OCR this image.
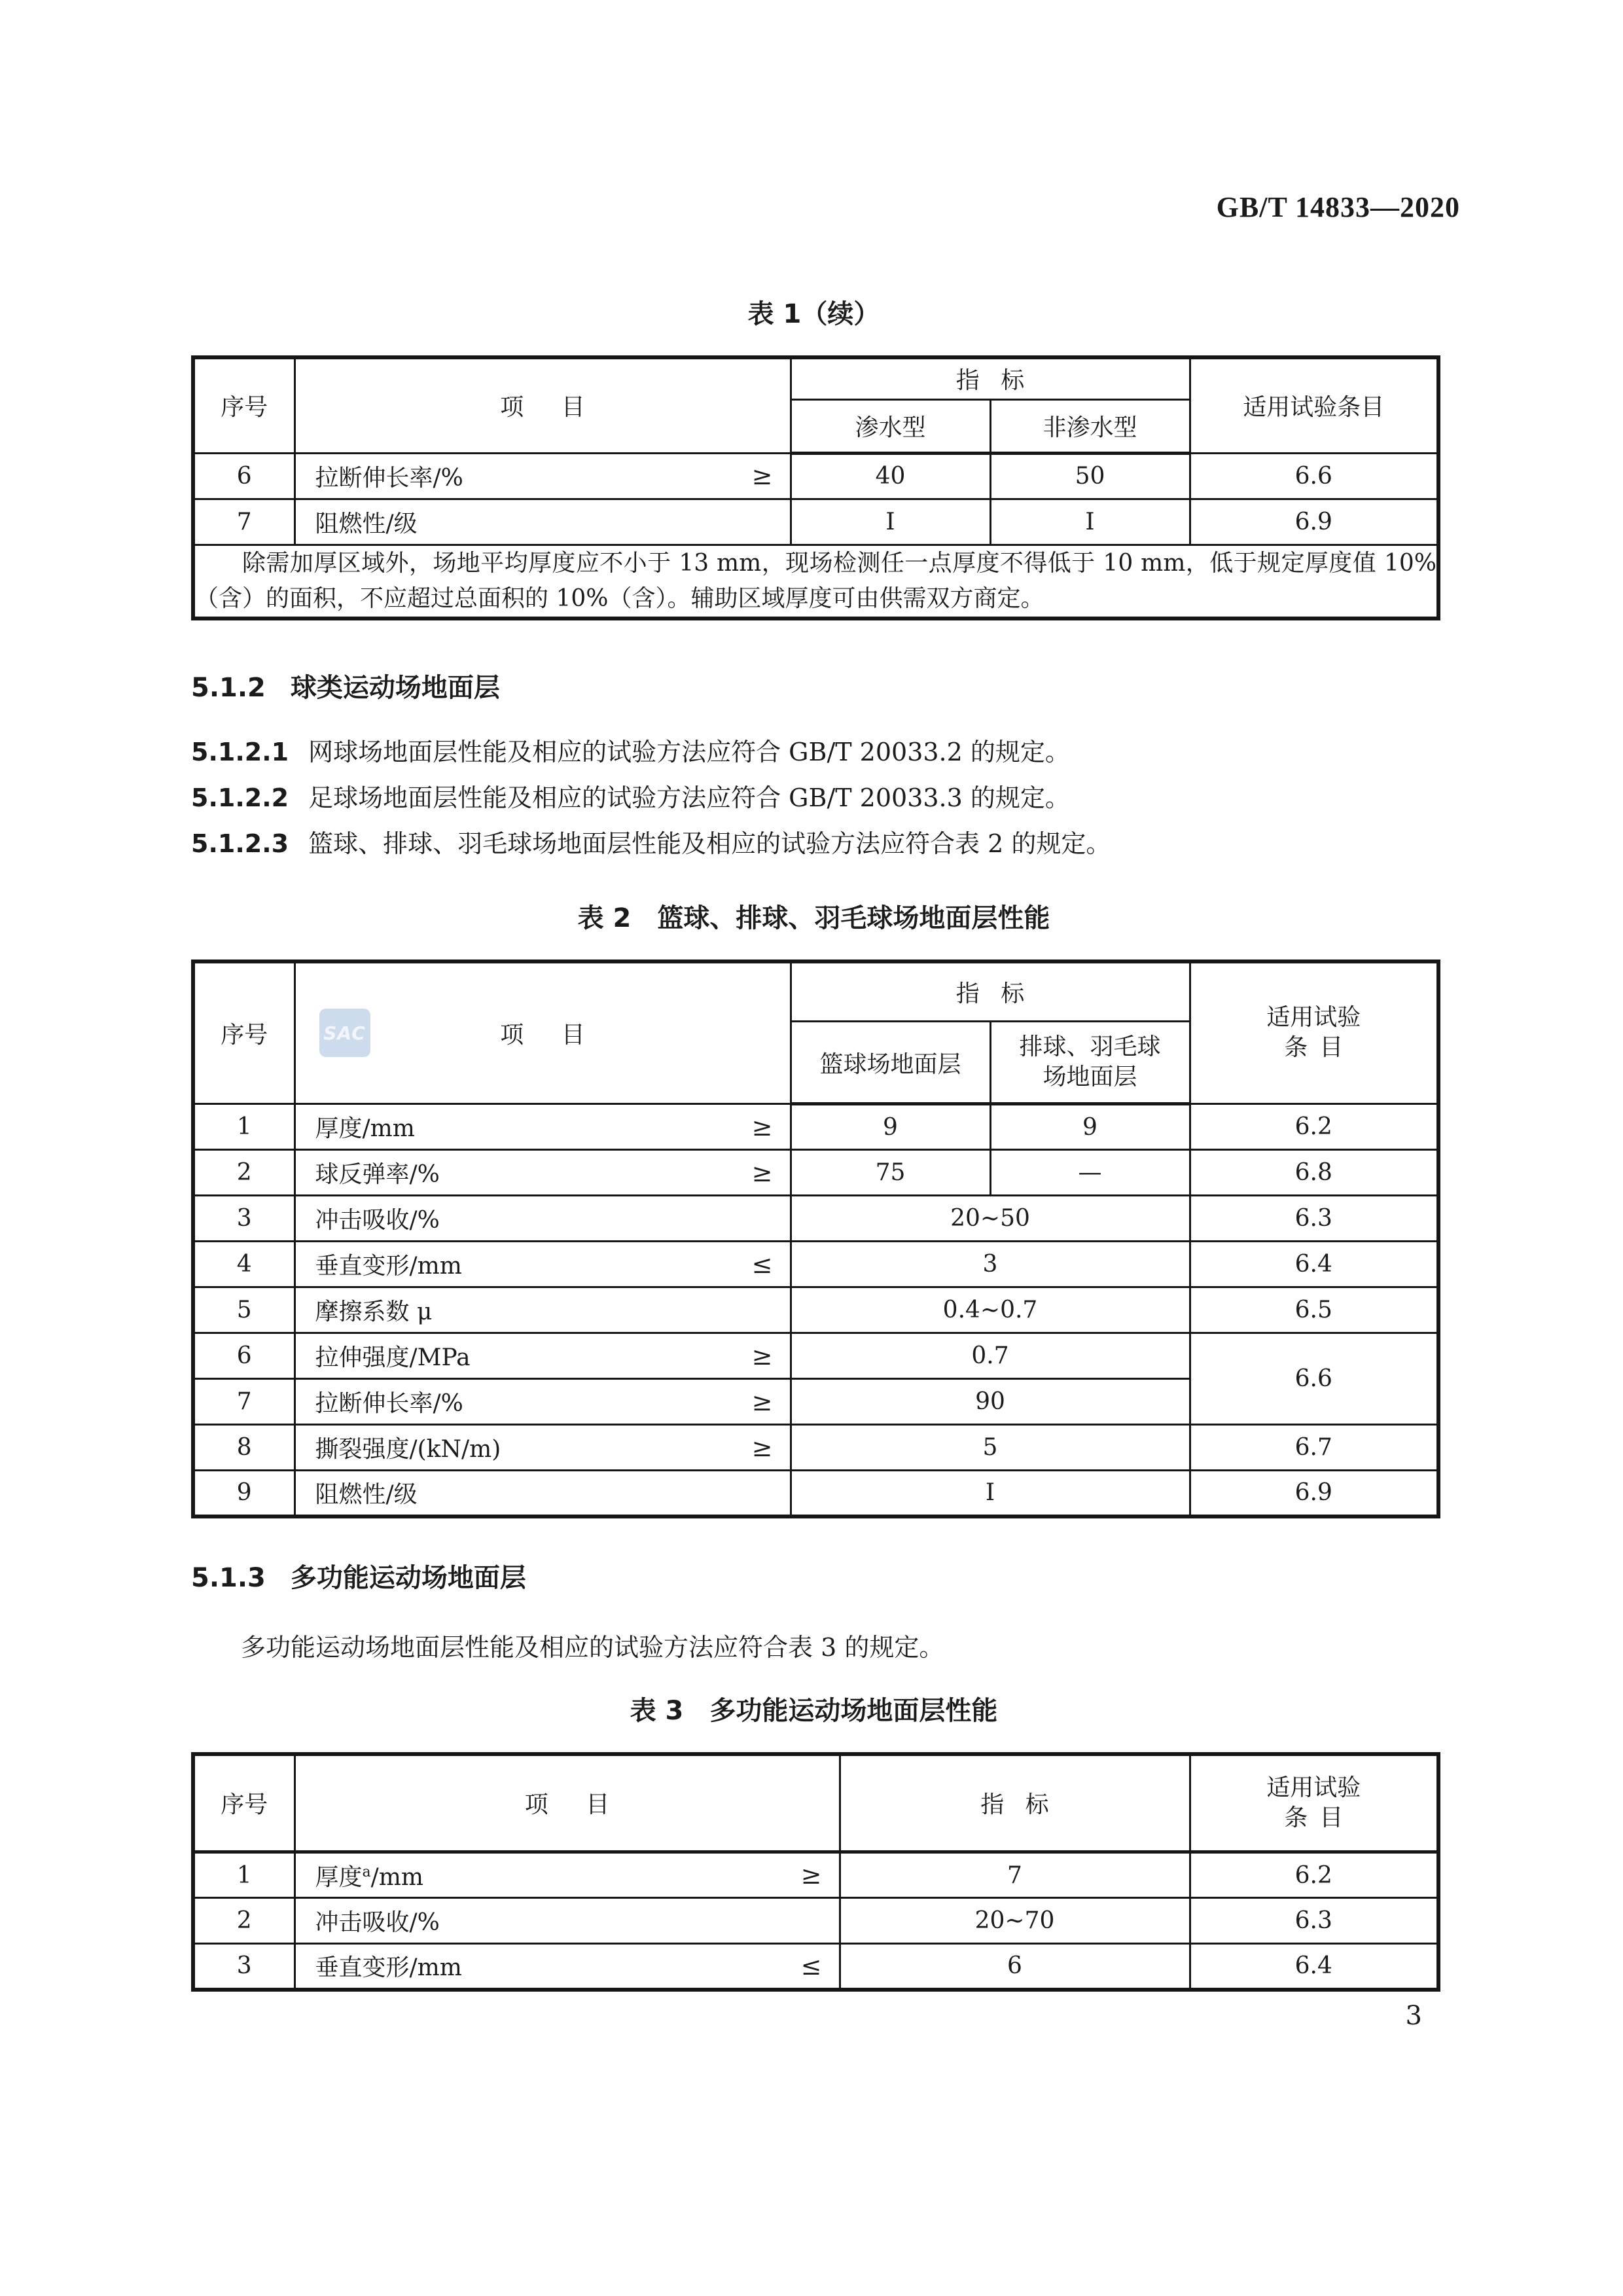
GB/T 14833—2020
表 1（续）
序号	项目	指标		适用试验条目
		渗水型	非渗水型	
6	拉断伸长率/% ≥	40	50	6.6
7	阻燃性/级	I	I	6.9

除需加厚区域外，场地平均厚度应不小于 13 mm，现场检测任一点厚度不得低于 10 mm，低于规定厚度值 10%（含）的面积，不应超过总面积的 10%（含）。辅助区域厚度可由供需双方商定。				

5.1.2 球类运动场地面层
5.1.2.1 网球场地面层性能及相应的试验方法应符合 GB/T 20033.2 的规定。
5.1.2.2 足球场地面层性能及相应的试验方法应符合 GB/T 20033.3 的规定。
5.1.2.3 篮球、排球、羽毛球场地面层性能及相应的试验方法应符合表 2 的规定。
表 2 篮球、排球、羽毛球场地面层性能
序号	项目
SAC
	指标	
适用试验
条目

		篮球场地面层	排球、羽毛球
场地面层	

1	厚度/mm ≥	9	9	6.2
2	球反弹率/% ≥	75	—	6.8
3	冲击吸收/%	20~50		6.3
4	垂直变形/mm ≤	3		6.4
5	摩擦系数 μ	0.4~0.7		6.5
6	拉伸强度/MPa ≥	0.7		6.6
7	拉断伸长率/% ≥	90		
8	撕裂强度/(kN/m) ≥	5		6.7
9	阻燃性/级	I		6.9
5.1.3 多功能运动场地面层
多功能运动场地面层性能及相应的试验方法应符合表 3 的规定。
表 3 多功能运动场地面层性能
序号	项目	指标	适用试验
条目

1	厚度$^a$/mm ≥	7	6.2
2	冲击吸收/%	20~70	6.3
3	垂直变形/mm ≤	6	6.4
3
